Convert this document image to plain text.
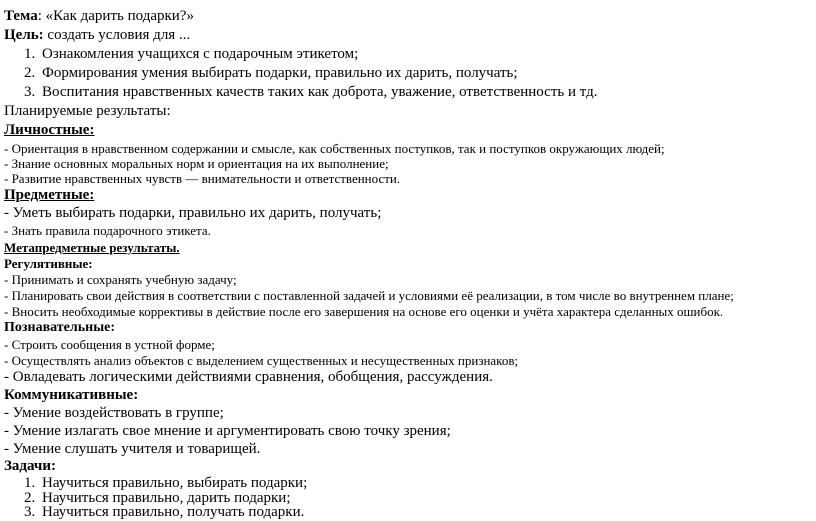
Тема: «Как дарить подарки?»
Цель: создать условия для ...
1. Ознакомления учащихся с подарочным этикетом;
2. Формирования умения выбирать подарки, правильно их дарить, получать;
3. Воспитания нравственных качеств таких как доброта, уважение, ответственность и тд.
Планируемые результаты:
Личностные:
- Ориентация в нравственном содержании и смысле, как собственных поступков, так и поступков окружающих людей;
- Знание основных моральных норм и ориентация на их выполнение;
- Развитие нравственных чувств — внимательности и ответственности.
Предметные:
- Уметь выбирать подарки, правильно их дарить, получать;
- Знать правила подарочного этикета.
Метапредметные результаты.
Регулятивные:
- Принимать и сохранять учебную задачу;
- Планировать свои действия в соответствии с поставленной задачей и условиями её реализации, в том числе во внутреннем плане;
- Вносить необходимые коррективы в действие после его завершения на основе его оценки и учёта характера сделанных ошибок.
Познавательные:
- Строить сообщения в устной форме;
- Осуществлять анализ объектов с выделением существенных и несущественных признаков;
- Овладевать логическими действиями сравнения, обобщения, рассуждения.
Коммуникативные:
- Умение воздействовать в группе;
- Умение излагать свое мнение и аргументировать свою точку зрения;
- Умение слушать учителя и товарищей.
Задачи:
1. Научиться правильно, выбирать подарки;
2. Научиться правильно, дарить подарки;
3. Научиться правильно, получать подарки.
